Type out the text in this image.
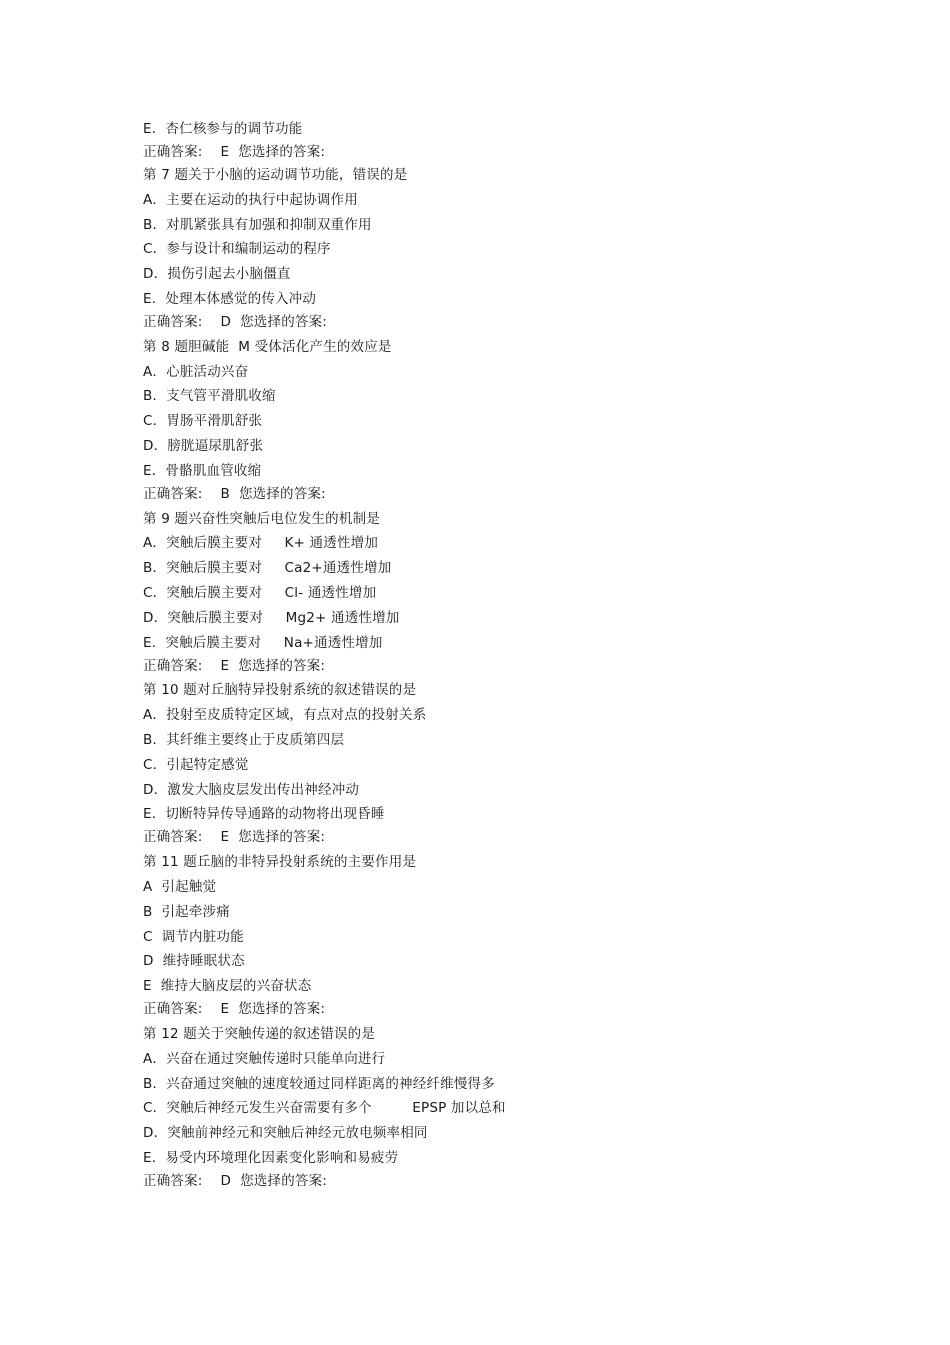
E．杏仁核参与的调节功能
正确答案:    E  您选择的答案:
第 7 题关于小脑的运动调节功能，错误的是
A．主要在运动的执行中起协调作用
B．对肌紧张具有加强和抑制双重作用
C．参与设计和编制运动的程序
D．损伤引起去小脑僵直
E．处理本体感觉的传入冲动
正确答案:    D  您选择的答案:
第 8 题胆碱能  M 受体活化产生的效应是
A．心脏活动兴奋
B．支气管平滑肌收缩
C．胃肠平滑肌舒张
D．膀胱逼尿肌舒张
E．骨骼肌血管收缩
正确答案:    B  您选择的答案:
第 9 题兴奋性突触后电位发生的机制是
A．突触后膜主要对     K+ 通透性增加
B．突触后膜主要对     Ca2+通透性增加
C．突触后膜主要对     Cl- 通透性增加
D．突触后膜主要对     Mg2+ 通透性增加
E．突触后膜主要对     Na+通透性增加
正确答案:    E  您选择的答案:
第 10 题对丘脑特异投射系统的叙述错误的是
A．投射至皮质特定区域，有点对点的投射关系
B．其纤维主要终止于皮质第四层
C．引起特定感觉
D．激发大脑皮层发出传出神经冲动
E．切断特异传导通路的动物将出现昏睡
正确答案:    E  您选择的答案:
第 11 题丘脑的非特异投射系统的主要作用是
A  引起触觉
B  引起牵涉痛
C  调节内脏功能
D  维持睡眠状态
E  维持大脑皮层的兴奋状态
正确答案:    E  您选择的答案:
第 12 题关于突触传递的叙述错误的是
A．兴奋在通过突触传递时只能单向进行
B．兴奋通过突触的速度较通过同样距离的神经纤维慢得多
C．突触后神经元发生兴奋需要有多个         EPSP 加以总和
D．突触前神经元和突触后神经元放电频率相同
E．易受内环境理化因素变化影响和易疲劳
正确答案:    D  您选择的答案:
